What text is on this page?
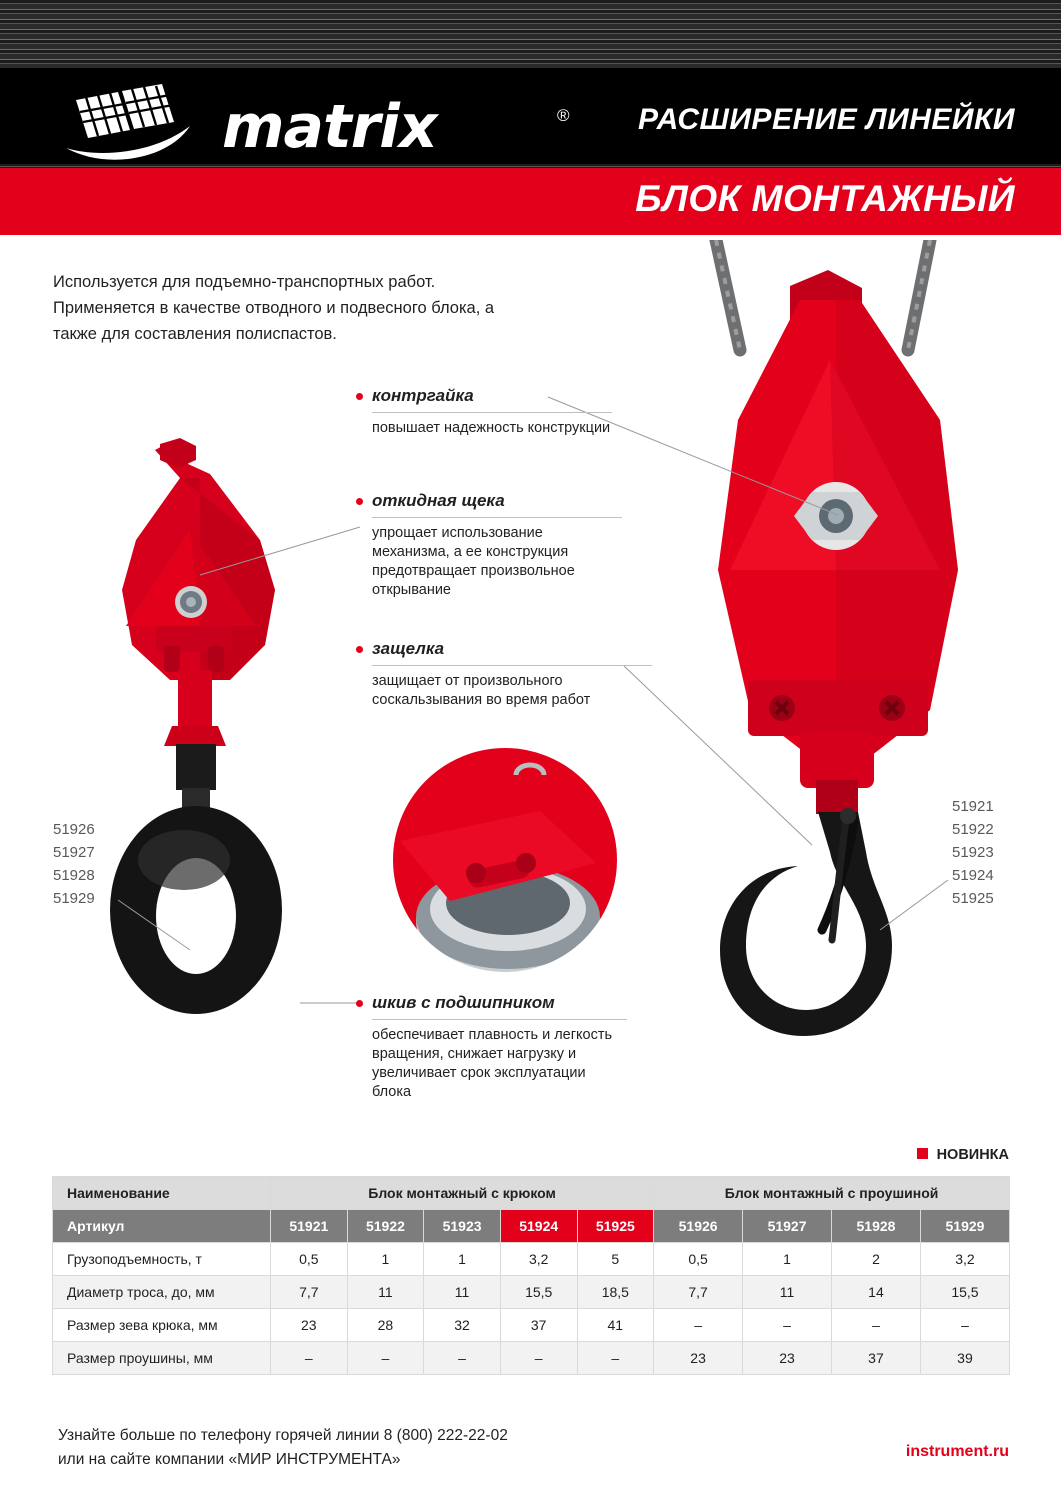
matrix	® РАСШИРЕНИЕ ЛИНЕЙКИ
БЛОК МОНТАЖНЫЙ
Используется для подъемно-транспортных работ. Применяется в качестве отводного и подвесного блока, а также для составления полиспастов.
контргайка

повышает надежность конструкции

откидная щека

упрощает использование механизма, а ее конструкция предотвращает произвольное открывание

защелка

защищает от произвольного соскальзывания во время работ

шкив с подшипником

обеспечивает плавность и легкость вращения, снижает нагрузку и увеличивает срок эксплуатации блока

51926
51927
51928
51929
51921
51922
51923
51924
51925
НОВИНКА
Наименование	Блок монтажный с крюком					Блок монтажный с проушиной			
Артикул	51921	51922	51923	51924	51925	51926	51927	51928	51929
Грузоподъемность, т	0,5	1	1	3,2	5	0,5	1	2	3,2
Диаметр троса, до, мм	7,7	11	11	15,5	18,5	7,7	11	14	15,5
Размер зева крюка, мм	23	28	32	37	41	–	–	–	–
Размер проушины, мм	–	–	–	–	–	23	23	37	39
Узнайте больше по телефону горячей линии 8 (800) 222-22-02
или на сайте компании «МИР ИНСТРУМЕНТА»	instrument.ru
